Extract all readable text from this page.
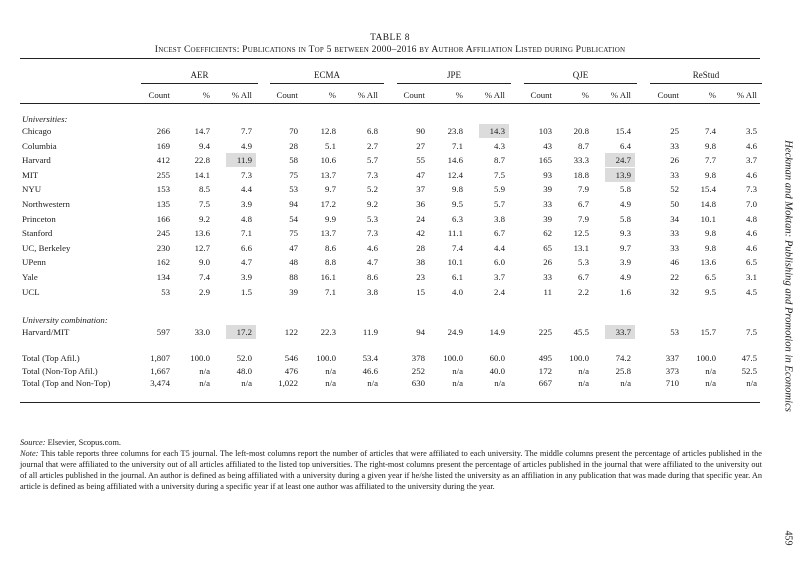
TABLE 8
Incest Coefficients: Publications in Top 5 between 2000–2016 by Author Affiliation Listed during Publication
AER
Count	%	% All
ECMA
Count	%	% All
JPE
Count	%	% All
QJE
Count	%	% All
ReStud
Count	%	% All
Universities:
Chicago	266	14.7	7.7	70	12.8	6.8	90	23.8	14.3	103	20.8	15.4	25	7.4	3.5
Columbia	169	9.4	4.9	28	5.1	2.7	27	7.1	4.3	43	8.7	6.4	33	9.8	4.6
Harvard	412	22.8	11.9	58	10.6	5.7	55	14.6	8.7	165	33.3	24.7	26	7.7	3.7
MIT	255	14.1	7.3	75	13.7	7.3	47	12.4	7.5	93	18.8	13.9	33	9.8	4.6
NYU	153	8.5	4.4	53	9.7	5.2	37	9.8	5.9	39	7.9	5.8	52	15.4	7.3
Northwestern	135	7.5	3.9	94	17.2	9.2	36	9.5	5.7	33	6.7	4.9	50	14.8	7.0
Princeton	166	9.2	4.8	54	9.9	5.3	24	6.3	3.8	39	7.9	5.8	34	10.1	4.8
Stanford	245	13.6	7.1	75	13.7	7.3	42	11.1	6.7	62	12.5	9.3	33	9.8	4.6
UC, Berkeley	230	12.7	6.6	47	8.6	4.6	28	7.4	4.4	65	13.1	9.7	33	9.8	4.6
UPenn	162	9.0	4.7	48	8.8	4.7	38	10.1	6.0	26	5.3	3.9	46	13.6	6.5
Yale	134	7.4	3.9	88	16.1	8.6	23	6.1	3.7	33	6.7	4.9	22	6.5	3.1
UCL	53	2.9	1.5	39	7.1	3.8	15	4.0	2.4	11	2.2	1.6	32	9.5	4.5
University combination:
Harvard/MIT	597	33.0	17.2	122	22.3	11.9	94	24.9	14.9	225	45.5	33.7	53	15.7	7.5
Total (Top Afil.)	1,807	100.0	52.0	546	100.0	53.4	378	100.0	60.0	495	100.0	74.2	337	100.0	47.5
Total (Non-Top Afil.)	1,667	n/a	48.0	476	n/a	46.6	252	n/a	40.0	172	n/a	25.8	373	n/a	52.5
Total (Top and Non-Top)	3,474	n/a	n/a	1,022	n/a	n/a	630	n/a	n/a	667	n/a	n/a	710	n/a	n/a

Source: Elsevier, Scopus.com.

Note: This table reports three columns for each T5 journal. The left-most columns report the number of articles that were affiliated to each university. The middle columns present the percentage of articles published in the journal that were affiliated to the university out of all articles affiliated to the listed top universities. The right-most columns present the percentage of articles published in the journal that were affiliated to the university out of all articles published in the journal. An author is defined as being affiliated with a university during a given year if he/she listed the university as an affiliation in any publication that was made during that specific year. An article is defined as being affiliated with a university during a specific year if at least one author was affiliated to the university during the year.

Heckman and Moktan: Publishing and Promotion in Economics
459
